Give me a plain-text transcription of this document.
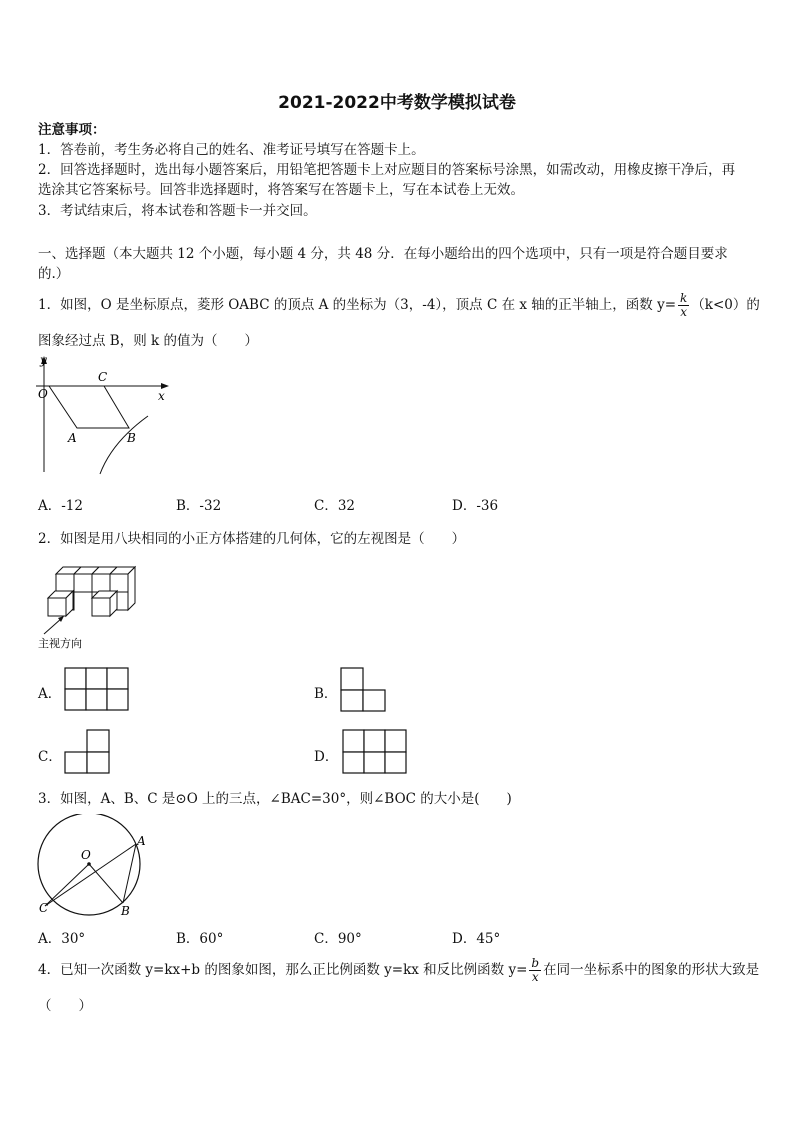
2021-2022中考数学模拟试卷
注意事项：
1．答卷前，考生务必将自己的姓名、准考证号填写在答题卡上。
2．回答选择题时，选出每小题答案后，用铅笔把答题卡上对应题目的答案标号涂黑，如需改动，用橡皮擦干净后，再
选涂其它答案标号。回答非选择题时，将答案写在答题卡上，写在本试卷上无效。
3．考试结束后，将本试卷和答题卡一并交回。
一、选择题（本大题共 12 个小题，每小题 4 分，共 48 分．在每小题给出的四个选项中，只有一项是符合题目要求
的.）
1．如图，O 是坐标原点，菱形 OABC 的顶点 A 的坐标为（3，-4），顶点 C 在 x 轴的正半轴上，函数 $y= \frac{k}{x} (k<0)$的
图象经过点 B，则 k 的值为（　　）
y
O
C
x
A	B
A．-12	B．-32	C．32	D．-36
2．如图是用八块相同的小正方体搭建的几何体，它的左视图是（　　）
主视方向
A．	B．
C．	D．
3．如图，A、B、C 是⊙O 上的三点，∠BAC=30°，则∠BOC 的大小是(　　)
O
A
B
C
A．30°	B．60°	C．90°	D．45°
4．已知一次函数 y=kx+b 的图象如图，那么正比例函数 y=kx 和反比例函数 $y= \frac{b}{x}$ 在同一坐标系中的图象的形状大致是
（　　）
